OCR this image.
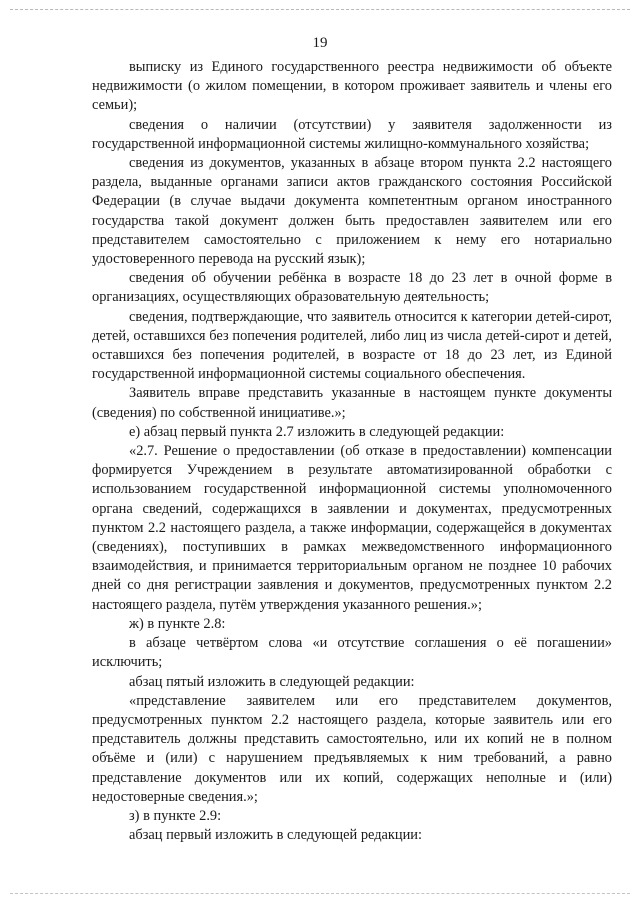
19

выписку из Единого государственного реестра недвижимости об объекте недвижимости (о жилом помещении, в котором проживает заявитель и члены его семьи);

сведения о наличии (отсутствии) у заявителя задолженности из государственной информационной системы жилищно-коммунального хозяйства;

сведения из документов, указанных в абзаце втором пункта 2.2 настоящего раздела, выданные органами записи актов гражданского состояния Российской Федерации (в случае выдачи документа компетентным органом иностранного государства такой документ должен быть предоставлен заявителем или его представителем самостоятельно с приложением к нему его нотариально удостоверенного перевода на русский язык);

сведения об обучении ребёнка в возрасте 18 до 23 лет в очной форме в организациях, осуществляющих образовательную деятельность;

сведения, подтверждающие, что заявитель относится к категории детей-сирот, детей, оставшихся без попечения родителей, либо лиц из числа детей-сирот и детей, оставшихся без попечения родителей, в возрасте от 18 до 23 лет, из Единой государственной информационной системы социального обеспечения.

Заявитель вправе представить указанные в настоящем пункте документы (сведения) по собственной инициативе.»;

е) абзац первый пункта 2.7 изложить в следующей редакции:

«2.7. Решение о предоставлении (об отказе в предоставлении) компенсации формируется Учреждением в результате автоматизированной обработки с использованием государственной информационной системы уполномоченного органа сведений, содержащихся в заявлении и документах, предусмотренных пунктом 2.2 настоящего раздела, а также информации, содержащейся в документах (сведениях), поступивших в рамках межведомственного информационного взаимодействия, и принимается территориальным органом не позднее 10 рабочих дней со дня регистрации заявления и документов, предусмотренных пунктом 2.2 настоящего раздела, путём утверждения указанного решения.»;

ж) в пункте 2.8:

в абзаце четвёртом слова «и отсутствие соглашения о её погашении» исключить;

абзац пятый изложить в следующей редакции:

«представление заявителем или его представителем документов, предусмотренных пунктом 2.2 настоящего раздела, которые заявитель или его представитель должны представить самостоятельно, или их копий не в полном объёме и (или) с нарушением предъявляемых к ним требований, а равно представление документов или их копий, содержащих неполные и (или) недостоверные сведения.»;

з) в пункте 2.9:

абзац первый изложить в следующей редакции:
